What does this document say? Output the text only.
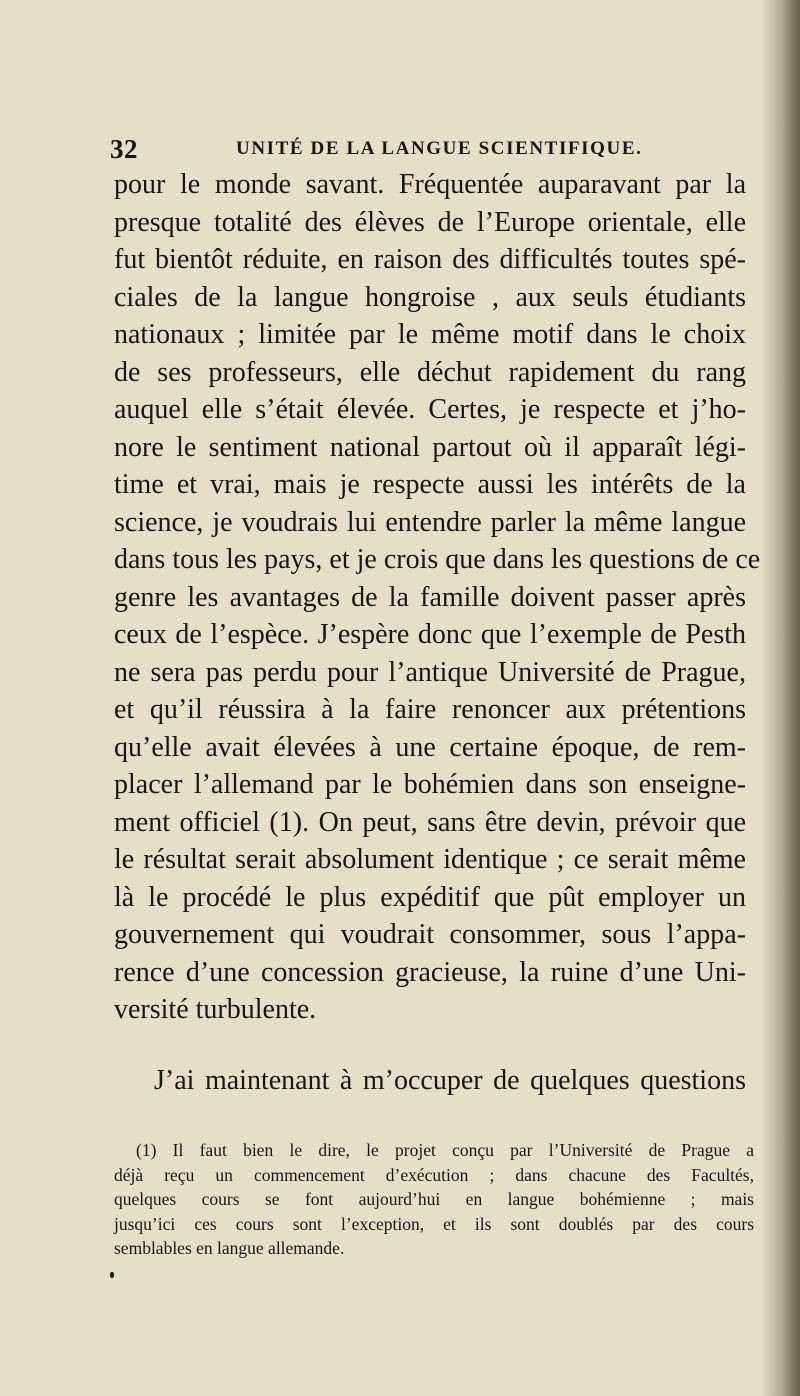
32	UNITÉ DE LA LANGUE SCIENTIFIQUE.
pour le monde savant. Fréquentée auparavant par la
presque totalité des élèves de l’Europe orientale, elle
fut bientôt réduite, en raison des difficultés toutes spé-
ciales de la langue hongroise , aux seuls étudiants
nationaux ; limitée par le même motif dans le choix
de ses professeurs, elle déchut rapidement du rang
auquel elle s’était élevée. Certes, je respecte et j’ho-
nore le sentiment national partout où il apparaît légi-
time et vrai, mais je respecte aussi les intérêts de la
science, je voudrais lui entendre parler la même langue
dans tous les pays, et je crois que dans les questions de ce
genre les avantages de la famille doivent passer après
ceux de l’espèce. J’espère donc que l’exemple de Pesth
ne sera pas perdu pour l’antique Université de Prague,
et qu’il réussira à la faire renoncer aux prétentions
qu’elle avait élevées à une certaine époque, de rem-
placer l’allemand par le bohémien dans son enseigne-
ment officiel (1). On peut, sans être devin, prévoir que
le résultat serait absolument identique ; ce serait même
là le procédé le plus expéditif que pût employer un
gouvernement qui voudrait consommer, sous l’appa-
rence d’une concession gracieuse, la ruine d’une Uni-
versité turbulente.
J’ai maintenant à m’occuper de quelques questions
(1) Il faut bien le dire, le projet conçu par l’Université de Prague a
déjà reçu un commencement d’exécution ; dans chacune des Facultés,
quelques cours se font aujourd’hui en langue bohémienne ; mais
jusqu’ici ces cours sont l’exception, et ils sont doublés par des cours
semblables en langue allemande.
